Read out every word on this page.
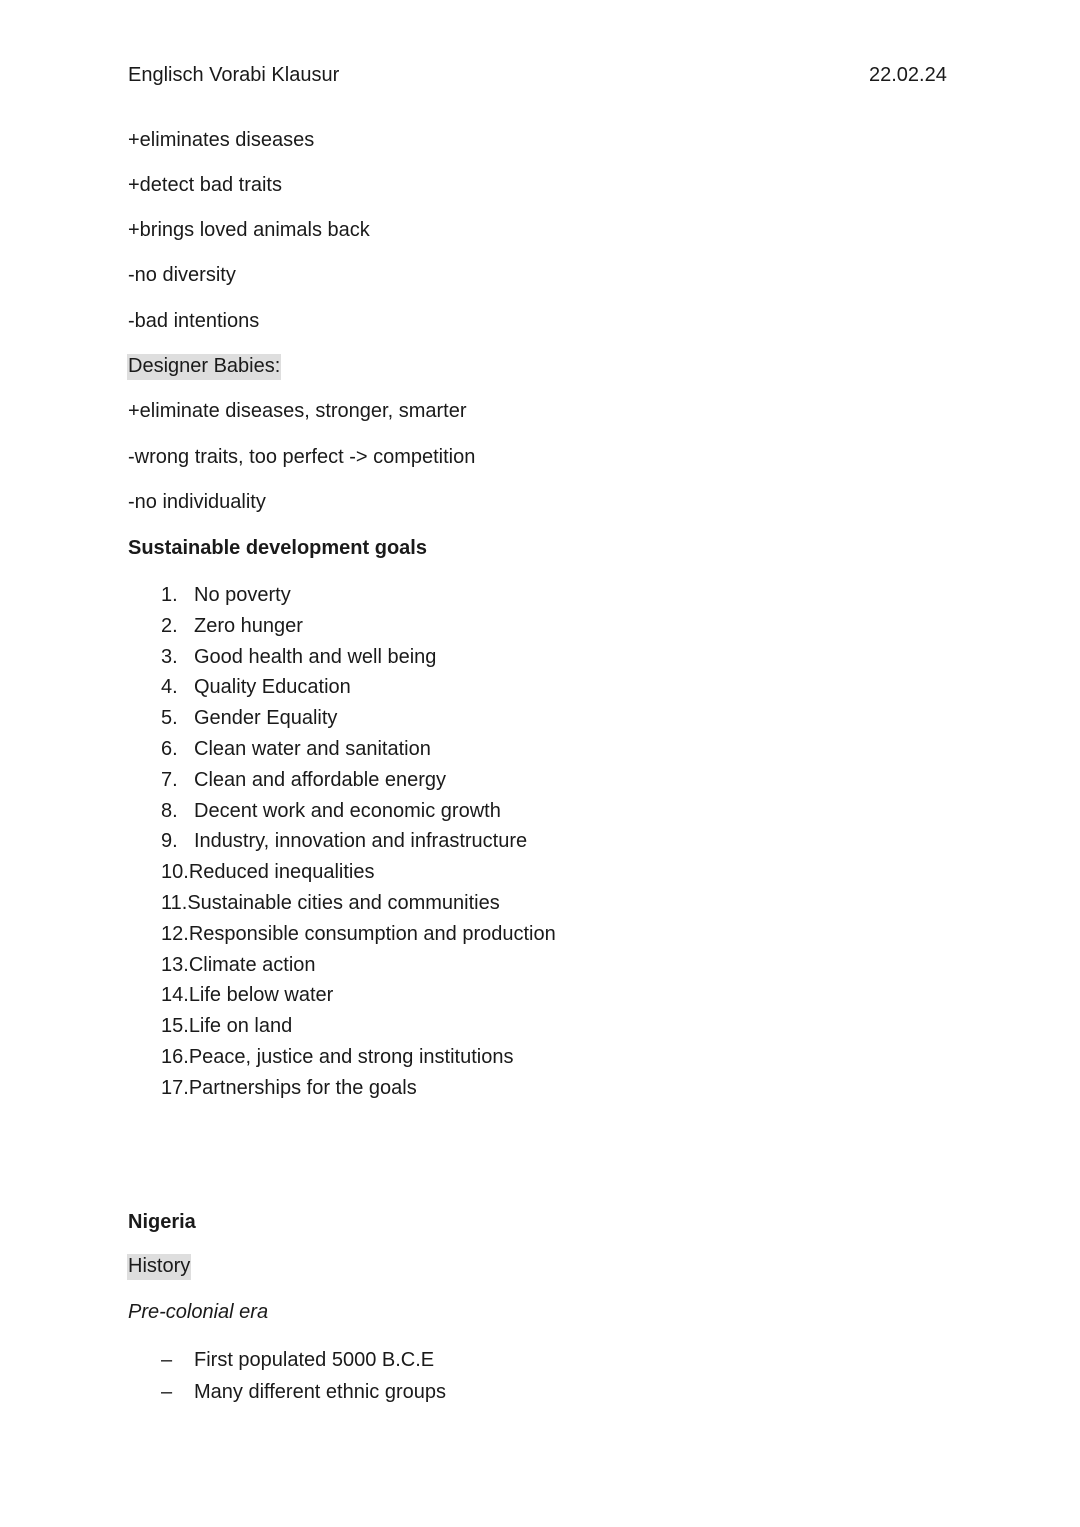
Englisch Vorabi Klausur	22.02.24
+eliminates diseases
+detect bad traits
+brings loved animals back
-no diversity
-bad intentions
Designer Babies:
+eliminate diseases, stronger, smarter
-wrong traits, too perfect -> competition
-no individuality
Sustainable development goals
1. No poverty
2. Zero hunger
3. Good health and well being
4. Quality Education
5. Gender Equality
6. Clean water and sanitation
7. Clean and affordable energy
8. Decent work and economic growth
9. Industry, innovation and infrastructure
10.Reduced inequalities
11.Sustainable cities and communities
12.Responsible consumption and production
13.Climate action
14.Life below water
15.Life on land
16.Peace, justice and strong institutions
17.Partnerships for the goals
Nigeria
History
Pre-colonial era
– First populated 5000 B.C.E
– Many different ethnic groups
